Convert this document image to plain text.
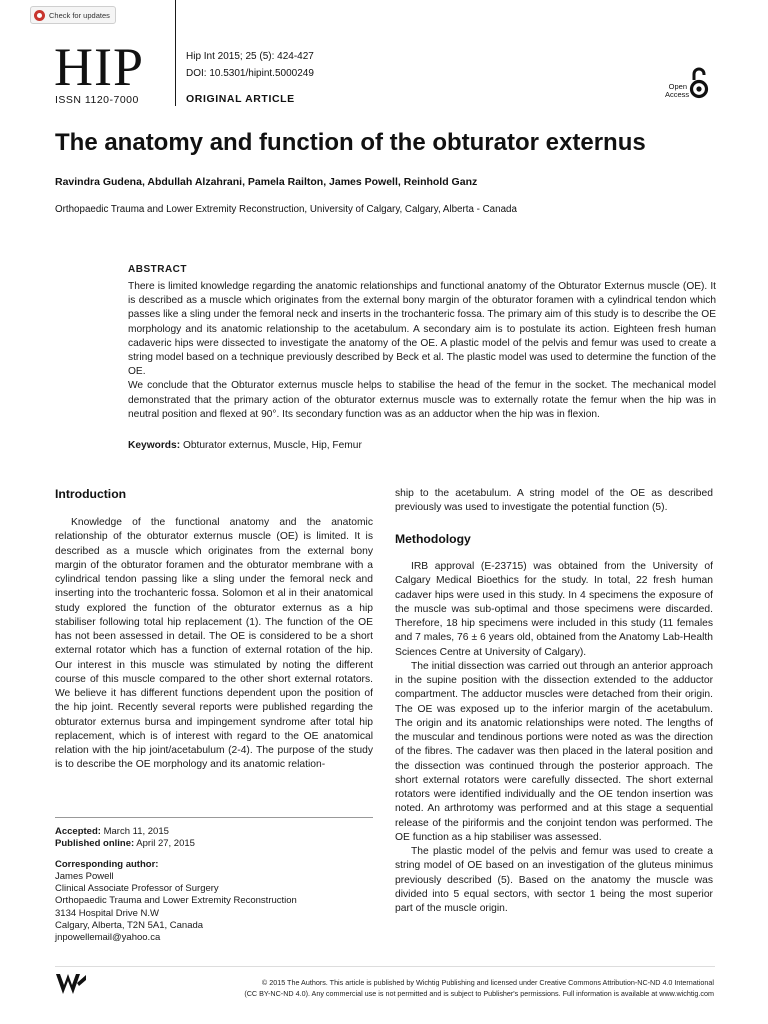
Check for updates
HIP
ISSN 1120-7000
Hip Int 2015; 25 (5): 424-427
DOI: 10.5301/hipint.5000249
ORIGINAL ARTICLE
Open
Access
The anatomy and function of the obturator externus
Ravindra Gudena, Abdullah Alzahrani, Pamela Railton, James Powell, Reinhold Ganz
Orthopaedic Trauma and Lower Extremity Reconstruction, University of Calgary, Calgary, Alberta - Canada
ABSTRACT

There is limited knowledge regarding the anatomic relationships and functional anatomy of the Obturator Externus muscle (OE). It is described as a muscle which originates from the external bony margin of the obturator foramen with a cylindrical tendon which passes like a sling under the femoral neck and inserts in the trochanteric fossa. The primary aim of this study is to describe the OE morphology and its anatomic relationship to the acetabulum. A secondary aim is to postulate its action. Eighteen fresh human cadaveric hips were dissected to investigate the anatomy of the OE. A plastic model of the pelvis and femur was used to create a string model based on a technique previously described by Beck et al. The plastic model was used to determine the function of the OE.

We conclude that the Obturator externus muscle helps to stabilise the head of the femur in the socket. The mechanical model demonstrated that the primary action of the obturator externus muscle was to externally rotate the femur when the hip was in neutral position and flexed at 90°. Its secondary function was as an adductor when the hip was in flexion.

Keywords: Obturator externus, Muscle, Hip, Femur
Introduction

Knowledge of the functional anatomy and the anatomic relationship of the obturator externus muscle (OE) is limited. It is described as a muscle which originates from the external bony margin of the obturator foramen and the obturator membrane with a cylindrical tendon passing like a sling under the femoral neck and inserting into the trochanteric fossa. Solomon et al in their anatomical study explored the function of the obturator externus as a hip stabiliser following total hip replacement (1). The function of the OE has not been assessed in detail. The OE is considered to be a short external rotator which has a function of external rotation of the hip. Our interest in this muscle was stimulated by noting the different course of this muscle compared to the other short external rotators. We believe it has different functions dependent upon the position of the hip joint. Recently several reports were published regarding the obturator externus bursa and impingement syndrome after total hip replacement, which is of interest with regard to the OE anatomical relation with the hip joint/acetabulum (2-4). The purpose of the study is to describe the OE morphology and its anatomic relation-

Accepted: March 11, 2015
Published online: April 27, 2015
Corresponding author:
James Powell
Clinical Associate Professor of Surgery
Orthopaedic Trauma and Lower Extremity Reconstruction
3134 Hospital Drive N.W
Calgary, Alberta, T2N 5A1, Canada
jnpowellemail@yahoo.ca

ship to the acetabulum. A string model of the OE as described previously was used to investigate the potential function (5).

Methodology

IRB approval (E-23715) was obtained from the University of Calgary Medical Bioethics for the study. In total, 22 fresh human cadaver hips were used in this study. In 4 specimens the exposure of the muscle was sub-optimal and those specimens were discarded. Therefore, 18 hip specimens were included in this study (11 females and 7 males, 76 ± 6 years old, obtained from the Anatomy Lab-Health Sciences Centre at University of Calgary).

The initial dissection was carried out through an anterior approach in the supine position with the dissection extended to the adductor compartment. The adductor muscles were detached from their origin. The OE was exposed up to the inferior margin of the acetabulum. The origin and its anatomic relationships were noted. The lengths of the muscular and tendinous portions were noted as was the direction of the fibres. The cadaver was then placed in the lateral position and the dissection was continued through the posterior approach. The short external rotators were carefully dissected. The short external rotators were identified individually and the OE tendon insertion was noted. An arthrotomy was performed and at this stage a sequential release of the piriformis and the conjoint tendon was performed. The OE function as a hip stabiliser was assessed.

The plastic model of the pelvis and femur was used to create a string model of OE based on an investigation of the gluteus minimus previously described (5). Based on the anatomy the muscle was divided into 5 equal sectors, with sector 1 being the most superior part of the muscle origin.

© 2015 The Authors. This article is published by Wichtig Publishing and licensed under Creative Commons Attribution-NC-ND 4.0 International
(CC BY-NC-ND 4.0). Any commercial use is not permitted and is subject to Publisher's permissions. Full information is available at www.wichtig.com
